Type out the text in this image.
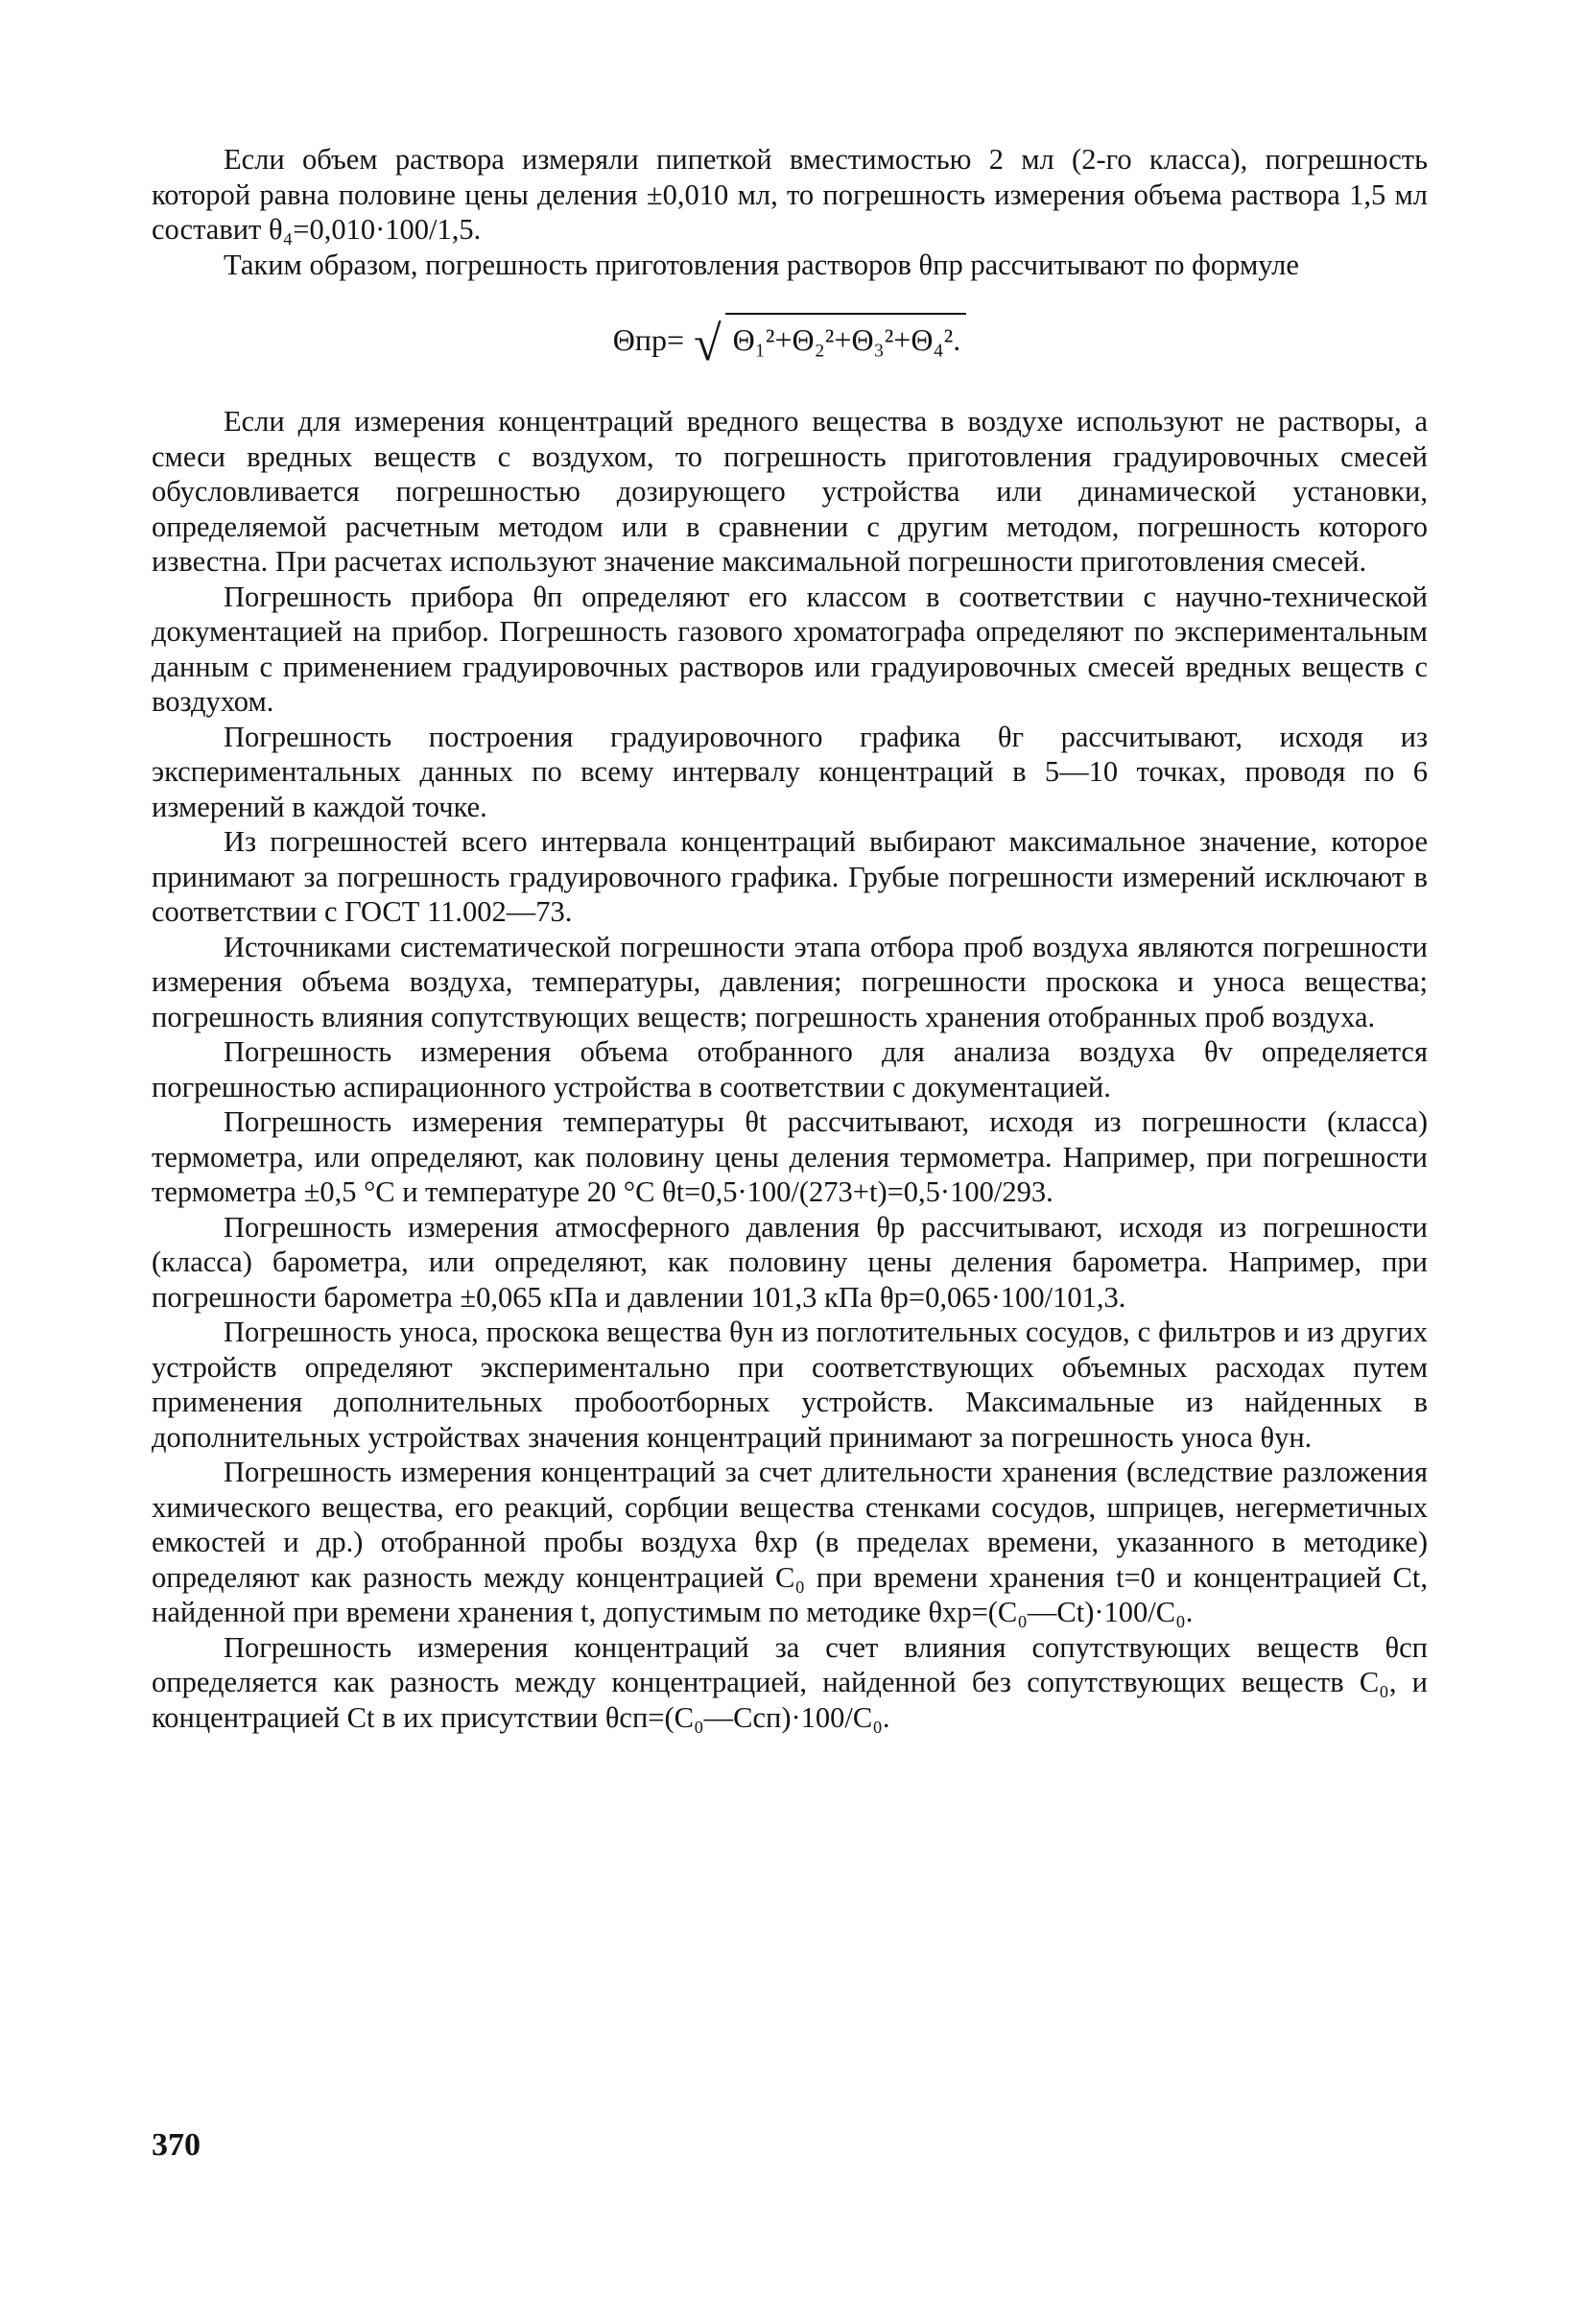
Если объем раствора измеряли пипеткой вместимостью 2 мл (2-го класса), погрешность которой равна половине цены деления ±0,010 мл, то погрешность измерения объема раствора 1,5 мл составит θ₄=0,010·100/1,5.

Таким образом, погрешность приготовления растворов θпр рассчитывают по формуле

Θпр= √ Θ₁²+Θ₂²+Θ₃²+Θ₄².

Если для измерения концентраций вредного вещества в воздухе используют не растворы, а смеси вредных веществ с воздухом, то погрешность приготовления градуировочных смесей обусловливается погрешностью дозирующего устройства или динамической установки, определяемой расчетным методом или в сравнении с другим методом, погрешность которого известна. При расчетах используют значение максимальной погрешности приготовления смесей.

Погрешность прибора θп определяют его классом в соответствии с научно-технической документацией на прибор. Погрешность газового хроматографа определяют по экспериментальным данным с применением градуировочных растворов или градуировочных смесей вредных веществ с воздухом.

Погрешность построения градуировочного графика θг рассчитывают, исходя из экспериментальных данных по всему интервалу концентраций в 5—10 точках, проводя по 6 измерений в каждой точке.

Из погрешностей всего интервала концентраций выбирают максимальное значение, которое принимают за погрешность градуировочного графика. Грубые погрешности измерений исключают в соответствии с ГОСТ 11.002—73.

Источниками систематической погрешности этапа отбора проб воздуха являются погрешности измерения объема воздуха, температуры, давления; погрешности проскока и уноса вещества; погрешность влияния сопутствующих веществ; погрешность хранения отобранных проб воздуха.

Погрешность измерения объема отобранного для анализа воздуха θv определяется погрешностью аспирационного устройства в соответствии с документацией.

Погрешность измерения температуры θt рассчитывают, исходя из погрешности (класса) термометра, или определяют, как половину цены деления термометра. Например, при погрешности термометра ±0,5 °С и температуре 20 °С θt=0,5·100/(273+t)=0,5·100/293.

Погрешность измерения атмосферного давления θр рассчитывают, исходя из погрешности (класса) барометра, или определяют, как половину цены деления барометра. Например, при погрешности барометра ±0,065 кПа и давлении 101,3 кПа θр=0,065·100/101,3.

Погрешность уноса, проскока вещества θун из поглотительных сосудов, с фильтров и из других устройств определяют экспериментально при соответствующих объемных расходах путем применения дополнительных пробоотборных устройств. Максимальные из найденных в дополнительных устройствах значения концентраций принимают за погрешность уноса θун.

Погрешность измерения концентраций за счет длительности хранения (вследствие разложения химического вещества, его реакций, сорбции вещества стенками сосудов, шприцев, негерметичных емкостей и др.) отобранной пробы воздуха θхр (в пределах времени, указанного в методике) определяют как разность между концентрацией C₀ при времени хранения t=0 и концентрацией Ct, найденной при времени хранения t, допустимым по методике θхр=(C₀—Ct)·100/C₀.

Погрешность измерения концентраций за счет влияния сопутствующих веществ θсп определяется как разность между концентрацией, найденной без сопутствующих веществ C₀, и концентрацией Ct в их присутствии θсп=(C₀—Cсп)·100/C₀.

370
